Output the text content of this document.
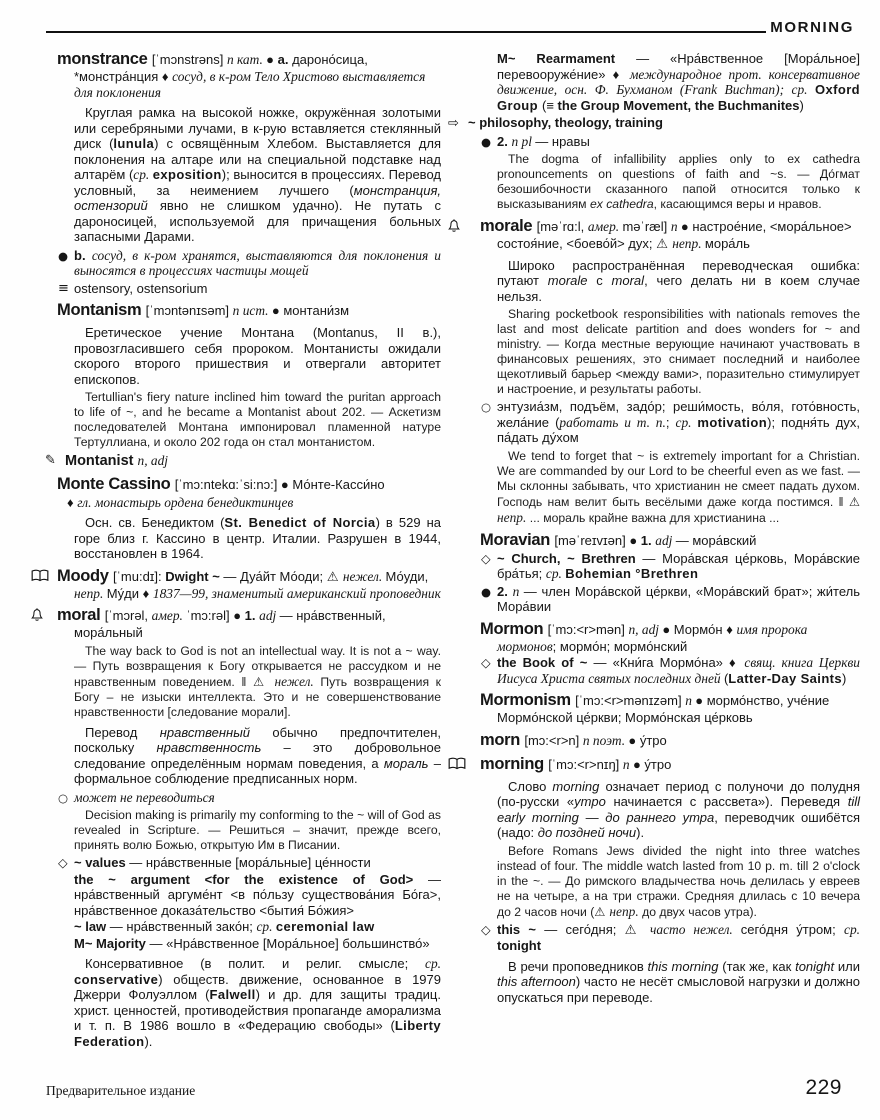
MORNING
monstrance [ˈmɔnstrəns] n кат. ● a. дароно́сица, *монстра́нция ♦ сосуд, в к-ром Тело Христово выставляется для поклонения
Круглая рамка на высокой ножке, окружённая золотыми или серебряными лучами, в к-рую вставляется стеклянный диск (lunula) с освящённым Хлебом. Выставляется для поклонения на алтаре или на специальной подставке над алтарём (ср. exposition); выносится в процессиях. Перевод условный, за неимением лучшего (монстранция, остензорий явно не слишком удачно). Не путать с дароносицей, используемой для причащения больных запасными Дарами.
● b. сосуд, в к-ром хранятся, выставляются для поклонения и выносятся в процессиях частицы мощей
≡ ostensory, ostensorium
Montanism [ˈmɔntənɪsəm] n ист. ● монтани́зм
Еретическое учение Монтана (Montanus, II в.), провозгласившего себя пророком. Монтанисты ожидали скорого второго пришествия и отвергали авторитет епископов.
Tertullian's fiery nature inclined him toward the puritan approach to life of ~, and he became a Montanist about 202. — Аскетизм последователей Монтана импонировал пламенной натуре Тертуллиана, и около 202 года он стал монтанистом.
✎ Montanist n, adj
Monte Cassino [ˈmɔ:ntekɑ:ˈsi:nɔ:] ● Мо́нте-Касси́но
♦ гл. монастырь ордена бенедиктинцев
Осн. св. Бенедиктом (St. Benedict of Norcia) в 529 на горе близ г. Кассино в центр. Италии. Разрушен в 1944, восстановлен в 1964.
Moody [ˈmu:dɪ]: Dwight ~ — Дуа́йт Мо́оди; ⚠ нежел. Мо́уди, непр. Му́ди ♦ 1837—99, знаменитый американский проповедник
moral [ˈmɔrəl, амер. ˈmɔ:rəl] ● 1. adj — нра́вственный, мора́льный
The way back to God is not an intellectual way. It is not a ~ way. — Путь возвращения к Богу открывается не рассудком и не нравственным поведением. ‖ ⚠ нежел. Путь возвращения к Богу – не изыски интеллекта. Это и не совершенствование нравственности [следование морали].
Перевод нравственный обычно предпочтителен, поскольку нравственность – это добровольное следование определённым нормам поведения, а мораль – формальное соблюдение предписанных норм.
○ может не переводиться
Decision making is primarily my conforming to the ~ will of God as revealed in Scripture. — Решиться – значит, прежде всего, принять волю Божью, открытую Им в Писании.
◇ ~ values — нра́вственные [мора́льные] це́нности
the ~ argument <for the existence of God> — нра́вственный аргуме́нт <в по́льзу существова́ния Бо́га>, нра́вственное доказа́тельство <бытия́ Бо́жия>
~ law — нра́вственный зако́н; ср. ceremonial law
M~ Majority — «Нра́вственное [Мора́льное] большинство́»
Консервативное (в полит. и религ. смысле; ср. conservative) обществ. движение, основанное в 1979 Джерри Фолуэллом (Falwell) и др. для защиты традиц. христ. ценностей, противодействия пропаганде аморализма и т. п. В 1986 вошло в «Федерацию свободы» (Liberty Federation).
M~ Rearmament — «Нра́вственное [Мора́льное] перевооруже́ние» ♦ международное прот. консервативное движение, осн. Ф. Бухманом (Frank Buchman); ср. Oxford Group (≡ the Group Movement, the Buchmanites)
⇨ ~ philosophy, theology, training
● 2. n pl — нравы
The dogma of infallibility applies only to ex cathedra pronouncements on questions of faith and ~s. — До́гмат безошибочности сказанного папой относится только к высказываниям ex cathedra, касающимся веры и нравов.
morale [məˈrɑ:l, амер. məˈræl] n ● настрое́ние, <мора́льное> состоя́ние, <боево́й> дух; ⚠ непр. мора́ль
Широко распространённая переводческая ошибка: путают morale с moral, чего делать ни в коем случае нельзя.
Sharing pocketbook responsibilities with nationals removes the last and most delicate partition and does wonders for ~ and ministry. — Когда местные верующие начинают участвовать в финансовых решениях, это снимает последний и наиболее щекотливый барьер <между вами>, поразительно стимулирует и настроение, и результаты работы.
○ энтузиа́зм, подъём, задо́р; реши́мость, во́ля, гото́вность, жела́ние (работать и т. п.; ср. motivation); подня́ть дух, па́дать ду́хом
We tend to forget that ~ is extremely important for a Christian. We are commanded by our Lord to be cheerful even as we fast. — Мы склонны забывать, что христианин не смеет падать духом. Господь нам велит быть весёлыми даже когда постимся. ‖ ⚠ непр. ... мораль крайне важна для христианина ...
Moravian [məˈreɪvɪən] ● 1. adj — мора́вский
◇ ~ Church, ~ Brethren — Мора́вская це́рковь, Мора́вские бра́тья; ср. Bohemian °Brethren
● 2. n — член Мора́вской це́ркви, «Мора́вский брат»; жи́тель Мора́вии
Mormon [ˈmɔ:<r>mən] n, adj ● Мормо́н ♦ имя пророка мормонов; мормо́н; мормо́нский
◇ the Book of ~ — «Кни́га Мормо́на» ♦ свящ. книга Церкви Иисуса Христа святых последних дней (Latter-Day Saints)
Mormonism [ˈmɔ:<r>mənɪzəm] n ● мормо́нство, уче́ние Мормо́нской це́ркви; Мормо́нская це́рковь
morn [mɔ:<r>n] n поэт. ● у́тро
morning [ˈmɔ:<r>nɪŋ] n ● у́тро
Слово morning означает период с полуночи до полудня (по-русски «утро начинается с рассвета»). Переведя till early morning — до раннего утра, переводчик ошибётся (надо: до поздней ночи).
Before Romans Jews divided the night into three watches instead of four. The middle watch lasted from 10 p. m. till 2 o'clock in the ~. — До римского владычества ночь делилась у евреев не на четыре, а на три стражи. Средняя длилась с 10 вечера до 2 часов ночи (⚠ непр. до двух часов утра).
◇ this ~ — сего́дня; ⚠ часто нежел. сего́дня у́тром; ср. tonight
В речи проповедников this morning (так же, как tonight или this afternoon) часто не несёт смысловой нагрузки и должно опускаться при переводе.
Предварительное издание	229
